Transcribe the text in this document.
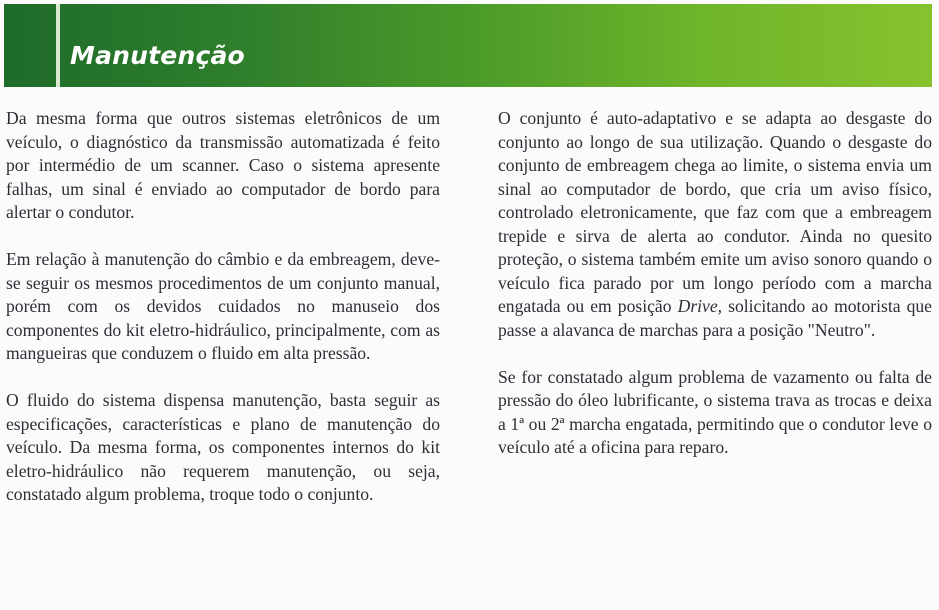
Manutenção

Da mesma forma que outros sistemas eletrônicos de um veículo, o diagnóstico da transmissão automatizada é feito por intermédio de um scanner. Caso o sistema apresente falhas, um sinal é enviado ao computador de bordo para alertar o condutor.

Em relação à manutenção do câmbio e da embreagem, deve-se seguir os mesmos procedimentos de um conjunto manual, porém com os devidos cuidados no manuseio dos componentes do kit eletro-hidráulico, principalmente, com as mangueiras que conduzem o fluido em alta pressão.

O fluido do sistema dispensa manutenção, basta seguir as especificações, características e plano de manutenção do veículo. Da mesma forma, os componentes internos do kit eletro-hidráulico não requerem manutenção, ou seja, constatado algum problema, troque todo o conjunto.

O conjunto é auto-adaptativo e se adapta ao desgaste do conjunto ao longo de sua utilização. Quando o desgaste do conjunto de embreagem chega ao limite, o sistema envia um sinal ao computador de bordo, que cria um aviso físico, controlado eletronicamente, que faz com que a embreagem trepide e sirva de alerta ao condutor. Ainda no quesito proteção, o sistema também emite um aviso sonoro quando o veículo fica parado por um longo período com a marcha engatada ou em posição Drive, solicitando ao motorista que passe a alavanca de marchas para a posição "Neutro".

Se for constatado algum problema de vazamento ou falta de pressão do óleo lubrificante, o sistema trava as trocas e deixa a 1ª ou 2ª marcha engatada, permitindo que o condutor leve o veículo até a oficina para reparo.
